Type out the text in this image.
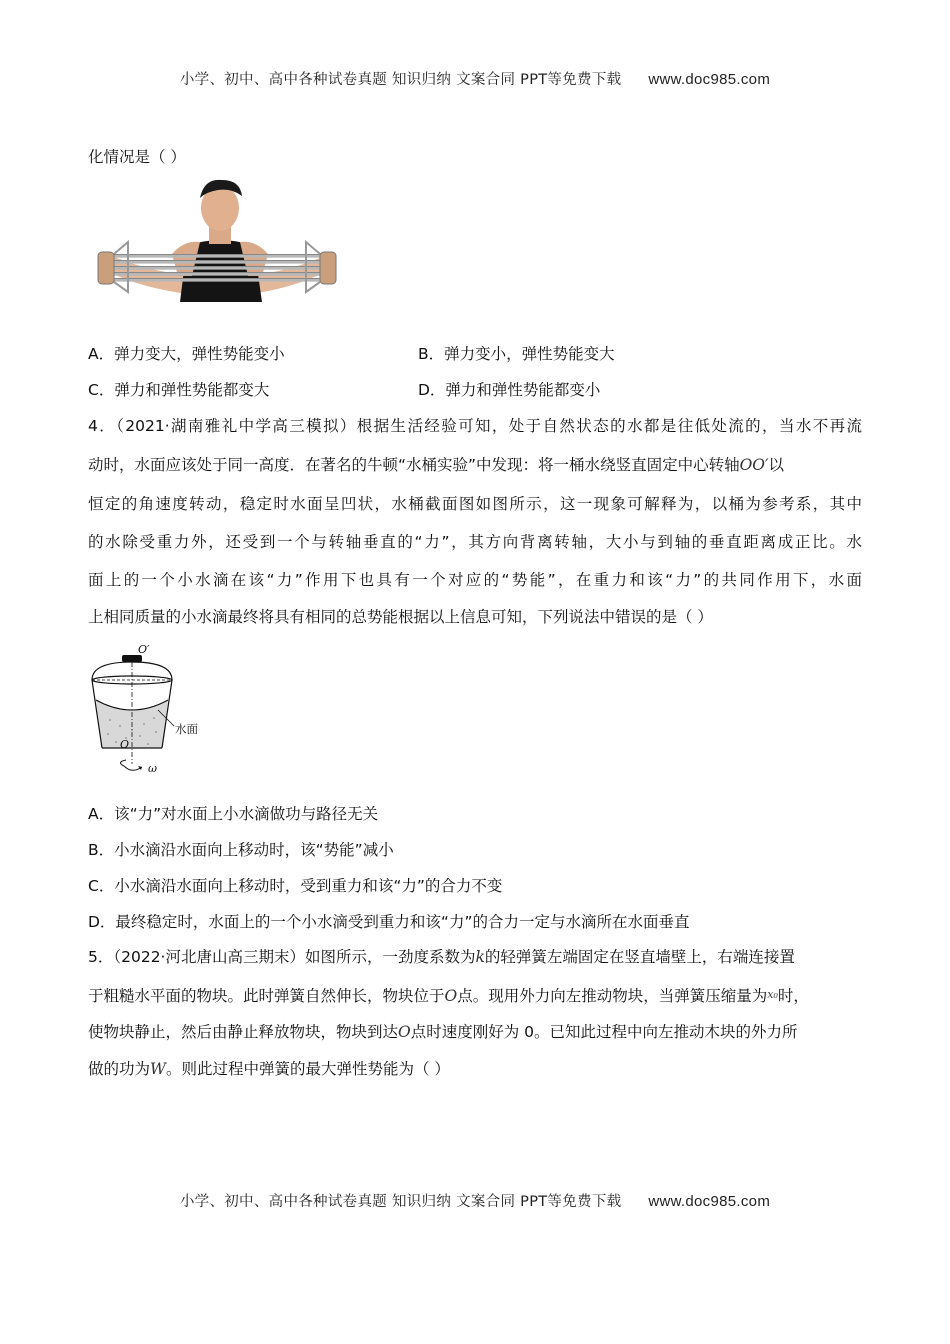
小学、初中、高中各种试卷真题 知识归纳 文案合同 PPT等免费下载 www.doc985.com
化情况是（ ）
A．弹力变大，弹性势能变小	B．弹力变小，弹性势能变大
C．弹力和弹性势能都变大	D．弹力和弹性势能都变小
4．（2021·湖南雅礼中学高三模拟）根据生活经验可知，处于自然状态的水都是往低处流的，当水不再流
动时，水面应该处于同一高度．在著名的牛顿“水桶实验”中发现：将一桶水绕竖直固定中心转轴OO′以
恒定的角速度转动，稳定时水面呈凹状，水桶截面图如图所示，这一现象可解释为，以桶为参考系，其中
的水除受重力外，还受到一个与转轴垂直的“力”，其方向背离转轴，大小与到轴的垂直距离成正比。水
面上的一个小水滴在该“力”作用下也具有一个对应的“势能”，在重力和该“力”的共同作用下，水面
上相同质量的小水滴最终将具有相同的总势能根据以上信息可知，下列说法中错误的是（ ）
O′
O
水面
ω
A．该“力”对水面上小水滴做功与路径无关
B．小水滴沿水面向上移动时，该“势能”减小
C．小水滴沿水面向上移动时，受到重力和该“力”的合力不变
D．最终稳定时，水面上的一个小水滴受到重力和该“力”的合力一定与水滴所在水面垂直
5．（2022·河北唐山高三期末）如图所示，一劲度系数为k的轻弹簧左端固定在竖直墙壁上，右端连接置
于粗糙水平面的物块。此时弹簧自然伸长，物块位于O点。现用外力向左推动物块，当弹簧压缩量为x₀时，
使物块静止，然后由静止释放物块，物块到达O点时速度刚好为 0。已知此过程中向左推动木块的外力所
做的功为W。则此过程中弹簧的最大弹性势能为（ ）
小学、初中、高中各种试卷真题 知识归纳 文案合同 PPT等免费下载 www.doc985.com
